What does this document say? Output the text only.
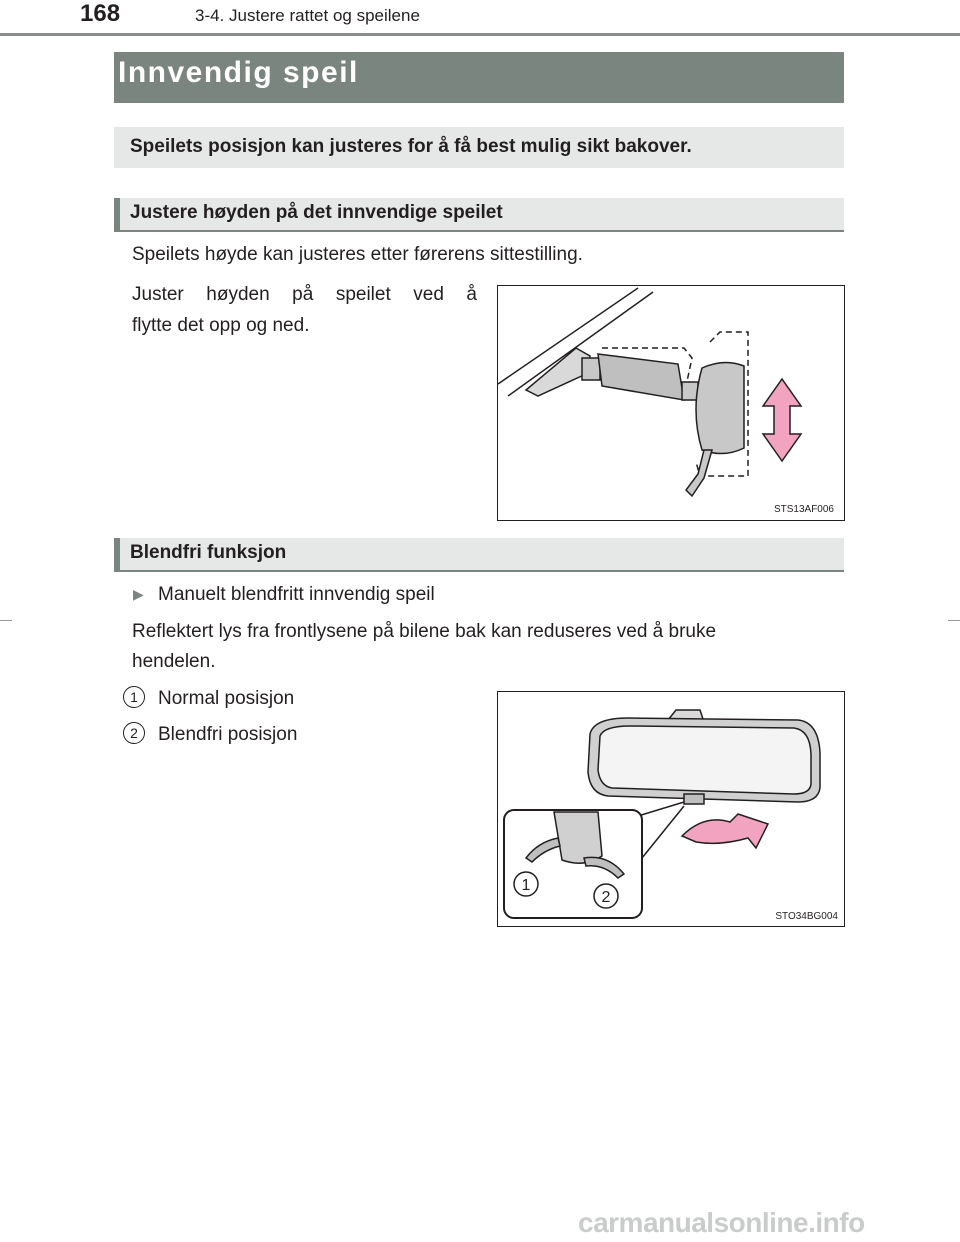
168	3-4. Justere rattet og speilene
Innvendig speil
Speilets posisjon kan justeres for å få best mulig sikt bakover.
Justere høyden på det innvendige speilet
Speilets høyde kan justeres etter førerens sittestilling.
Juster høyden på speilet ved å
flytte det opp og ned.
STS13AF006
Blendfri funksjon
▶ Manuelt blendfritt innvendig speil
Reflektert lys fra frontlysene på bilene bak kan reduseres ved å bruke
hendelen.
1	Normal posisjon
2	Blendfri posisjon
1
2
STO34BG004
carmanualsonline.info
